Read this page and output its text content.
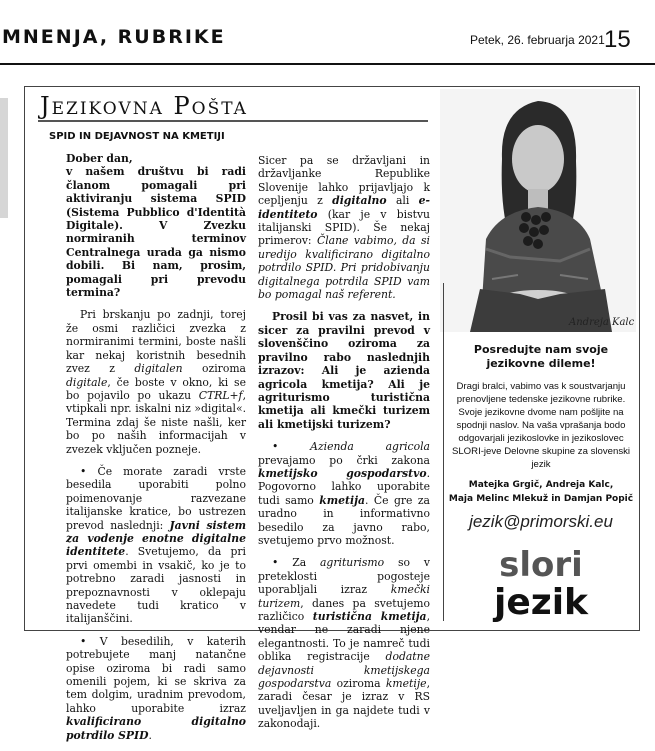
MNENJA, RUBRIKE	Petek, 26. februarja 2021 15
Jezikovna Pošta
SPID IN DEJAVNOST NA KMETIJI

Dober dan,
v našem društvu bi radi članom pomagali pri aktiviranju sistema SPID (Sistema Pubblico d'Identità Digitale). V Zvezku normiranih terminov Centralnega urada ga nismo dobili. Bi nam, prosim, pomagali pri prevodu termina?

Pri brskanju po zadnji, torej že osmi različici zvezka z normiranimi termini, boste našli kar nekaj koristnih besednih zvez z digitalen oziroma digitale, če boste v okno, ki se bo pojavilo po ukazu CTRL+f, vtipkali npr. iskalni niz »digital«. Termina zdaj še niste našli, ker bo po naših informacijah v zvezek vključen pozneje.

• Če morate zaradi vrste besedila uporabiti polno poimenovanje razvezane italijanske kratice, bo ustrezen prevod naslednji: Javni sistem za vodenje enotne digitalne identitete. Svetujemo, da pri prvi omembi in vsakič, ko je to potrebno zaradi jasnosti in prepoznavnosti v oklepaju navedete tudi kratico v italijanščini.

• V besedilih, v katerih potrebujete manj natančne opise oziroma bi radi samo omenili pojem, ki se skriva za tem dolgim, uradnim prevodom, lahko uporabite izraz kvalificirano digitalno potrdilo SPID.

Sicer pa se državljani in državljanke Republike Slovenije lahko prijavljajo k cepljenju z digitalno ali e-identiteto (kar je v bistvu italijanski SPID). Še nekaj primerov: Člane vabimo, da si uredijo kvalificirano digitalno potrdilo SPID. Pri pridobivanju digitalnega potrdila SPID vam bo pomagal naš referent.

Prosil bi vas za nasvet, in sicer za pravilni prevod v slovenščino oziroma za pravilno rabo naslednjih izrazov: Ali je azienda agricola kmetija? Ali je agriturismo turistična kmetija ali kmečki turizem ali kmetijski turizem?

• Azienda agricola prevajamo po črki zakona kmetijsko gospodarstvo. Pogovorno lahko uporabite tudi samo kmetija. Če gre za uradno in informativno besedilo za javno rabo, svetujemo prvo možnost.

• Za agriturismo so v preteklosti pogosteje uporabljali izraz kmečki turizem, danes pa svetujemo različico turistična kmetija, vendar ne zaradi njene elegantnosti. To je namreč tudi oblika registracije dodatne dejavnosti kmetijskega gospodarstva oziroma kmetije, zaradi česar je izraz v RS uveljavljen in ga najdete tudi v zakonodaji.

Andreja Kalc
Posredujte nam svoje jezikovne dileme!
Dragi bralci, vabimo vas k soustvarjanju prenovljene tedenske jezikovne rubrike. Svoje jezikovne dvome nam pošljite na spodnji naslov. Na vaša vprašanja bodo odgovarjali jezikoslovke in jezikoslovec SLORI-jeve Delovne skupine za slovenski jezik
Matejka Grgič, Andreja Kalc,
Maja Melinc Mlekuž in Damjan Popič
jezik@primorski.eu
slori
jezik
